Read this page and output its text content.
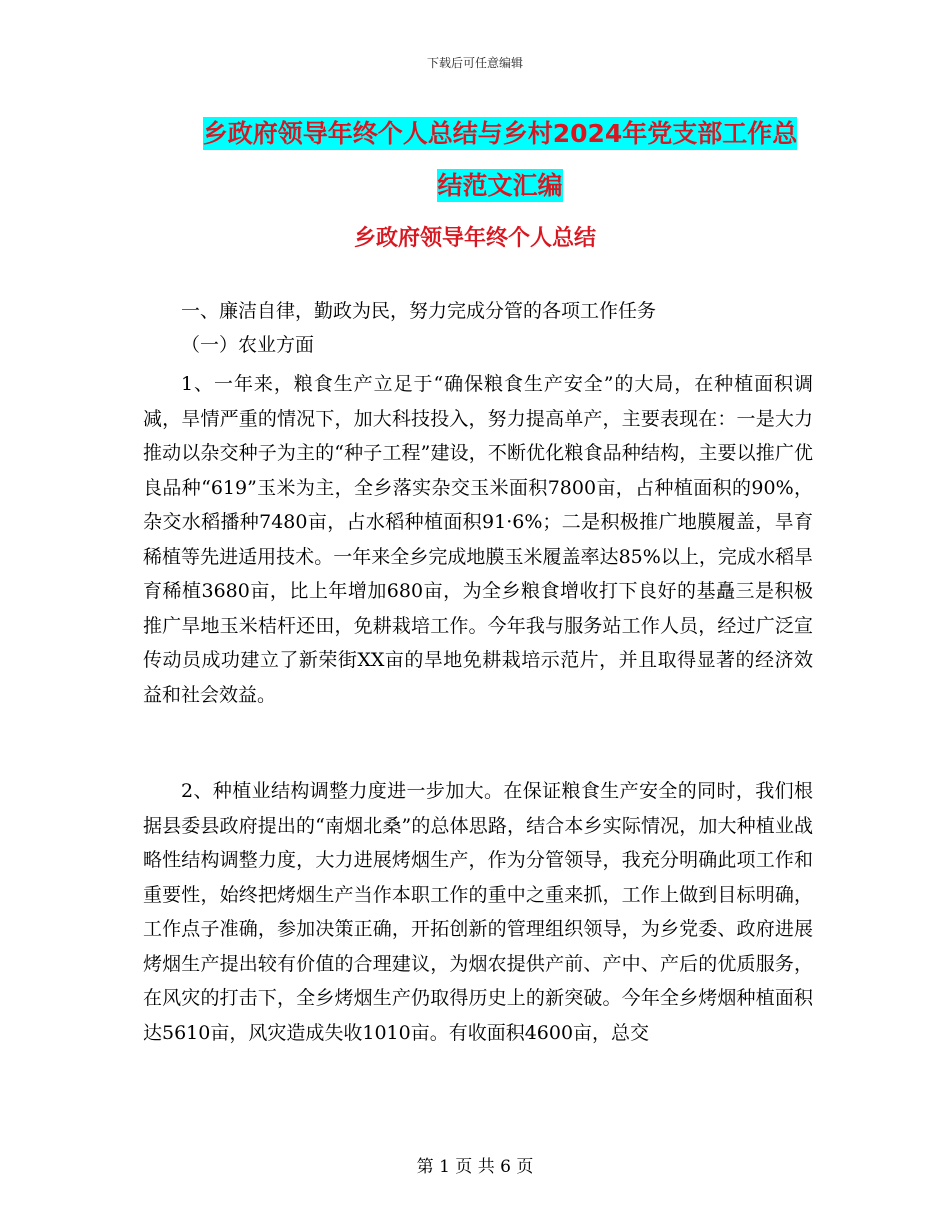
下载后可任意编辑
乡政府领导年终个人总结与乡村2024年党支部工作总
结范文汇编
乡政府领导年终个人总结
一、廉洁自律，勤政为民，努力完成分管的各项工作任务
（一）农业方面
1、一年来，粮食生产立足于“确保粮食生产安全”的大局，在种植面积调减，旱情严重的情况下，加大科技投入，努力提高单产，主要表现在：一是大力推动以杂交种子为主的“种子工程”建设，不断优化粮食品种结构，主要以推广优良品种“619”玉米为主，全乡落实杂交玉米面积7800亩，占种植面积的90%，杂交水稻播种7480亩，占水稻种植面积91·6%；二是积极推广地膜履盖，旱育稀植等先进适用技术。一年来全乡完成地膜玉米履盖率达85%以上，完成水稻旱育稀植3680亩，比上年增加680亩，为全乡粮食增收打下良好的基矗三是积极推广旱地玉米桔杆还田，免耕栽培工作。今年我与服务站工作人员，经过广泛宣传动员成功建立了新荣街XX亩的旱地免耕栽培示范片，并且取得显著的经济效益和社会效益。
2、种植业结构调整力度进一步加大。在保证粮食生产安全的同时，我们根据县委县政府提出的“南烟北桑”的总体思路，结合本乡实际情况，加大种植业战略性结构调整力度，大力进展烤烟生产，作为分管领导，我充分明确此项工作和重要性，始终把烤烟生产当作本职工作的重中之重来抓，工作上做到目标明确，工作点子准确，参加决策正确，开拓创新的管理组织领导，为乡党委、政府进展烤烟生产提出较有价值的合理建议，为烟农提供产前、产中、产后的优质服务，在风灾的打击下，全乡烤烟生产仍取得历史上的新突破。今年全乡烤烟种植面积达5610亩，风灾造成失收1010亩。有收面积4600亩，总交
第 1 页 共 6 页
